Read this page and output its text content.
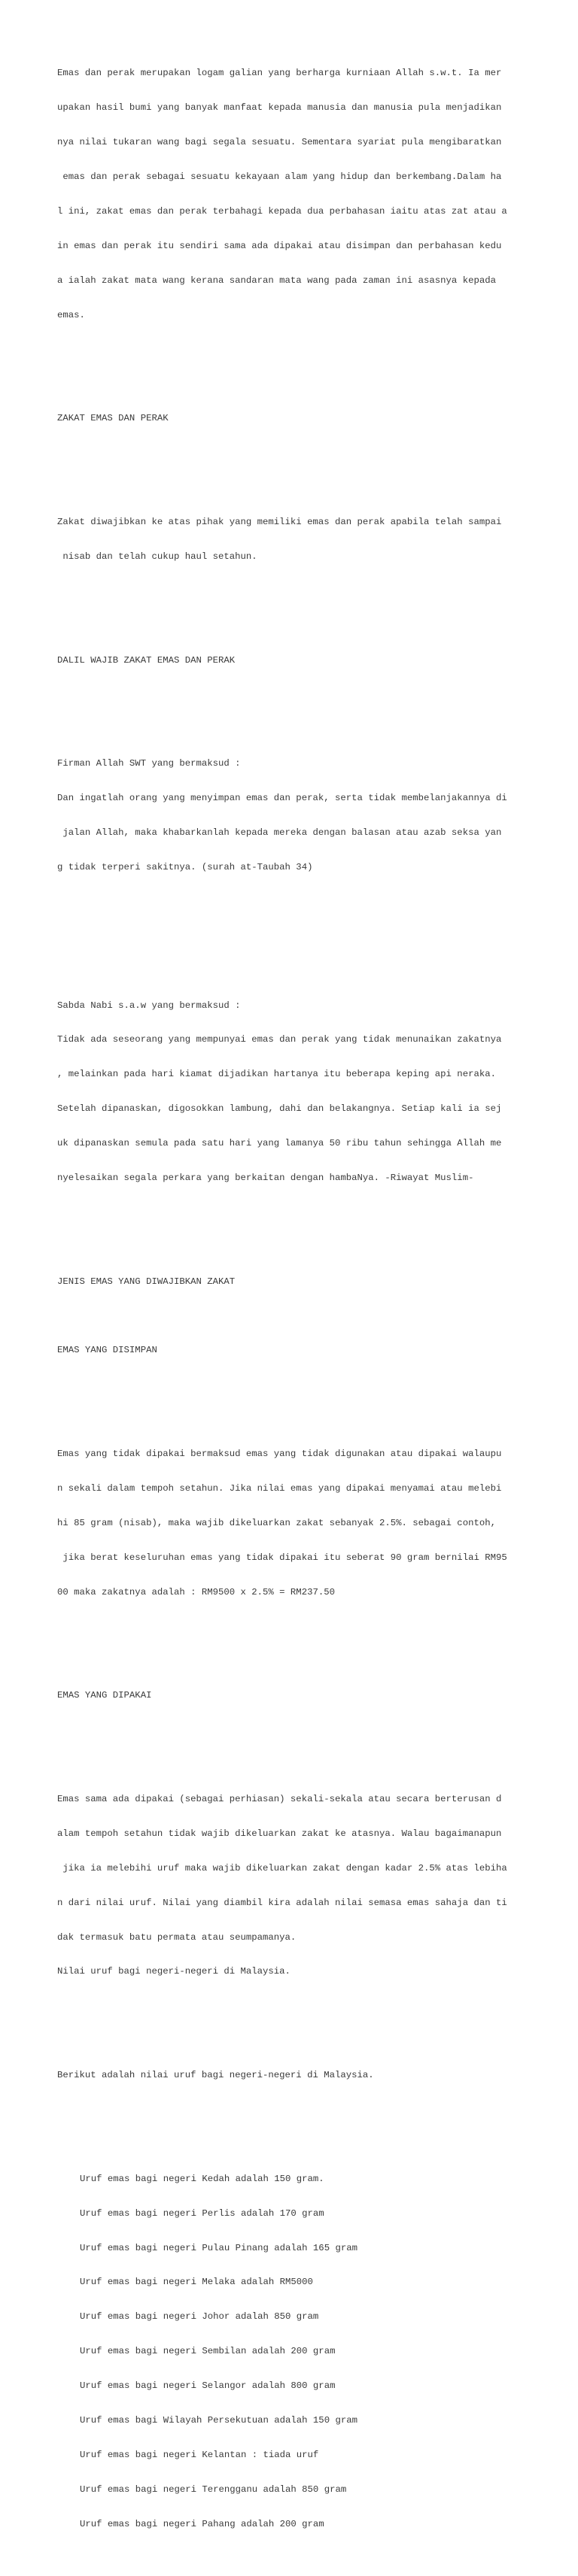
Emas dan perak merupakan logam galian yang berharga kurniaan Allah s.w.t. Ia mer

upakan hasil bumi yang banyak manfaat kepada manusia dan manusia pula menjadikan

nya nilai tukaran wang bagi segala sesuatu. Sementara syariat pula mengibaratkan

emas dan perak sebagai sesuatu kekayaan alam yang hidup dan berkembang.Dalam ha

l ini, zakat emas dan perak terbahagi kepada dua perbahasan iaitu atas zat atau a

in emas dan perak itu sendiri sama ada dipakai atau disimpan dan perbahasan kedu

a ialah zakat mata wang kerana sandaran mata wang pada zaman ini asasnya kepada

emas.

ZAKAT EMAS DAN PERAK

Zakat diwajibkan ke atas pihak yang memiliki emas dan perak apabila telah sampai

nisab dan telah cukup haul setahun.

DALIL WAJIB ZAKAT EMAS DAN PERAK

Firman Allah SWT yang bermaksud :

Dan ingatlah orang yang menyimpan emas dan perak, serta tidak membelanjakannya di

jalan Allah, maka khabarkanlah kepada mereka dengan balasan atau azab seksa yan

g tidak terperi sakitnya. (surah at-Taubah 34)

Sabda Nabi s.a.w yang bermaksud :

Tidak ada seseorang yang mempunyai emas dan perak yang tidak menunaikan zakatnya

, melainkan pada hari kiamat dijadikan hartanya itu beberapa keping api neraka.

Setelah dipanaskan, digosokkan lambung, dahi dan belakangnya. Setiap kali ia sej

uk dipanaskan semula pada satu hari yang lamanya 50 ribu tahun sehingga Allah me

nyelesaikan segala perkara yang berkaitan dengan hambaNya. -Riwayat Muslim-

JENIS EMAS YANG DIWAJIBKAN ZAKAT

EMAS YANG DISIMPAN

Emas yang tidak dipakai bermaksud emas yang tidak digunakan atau dipakai walaupu

n sekali dalam tempoh setahun. Jika nilai emas yang dipakai menyamai atau melebi

hi 85 gram (nisab), maka wajib dikeluarkan zakat sebanyak 2.5%. sebagai contoh,

jika berat keseluruhan emas yang tidak dipakai itu seberat 90 gram bernilai RM95

00 maka zakatnya adalah : RM9500 x 2.5% = RM237.50

EMAS YANG DIPAKAI

Emas sama ada dipakai (sebagai perhiasan) sekali-sekala atau secara berterusan d

alam tempoh setahun tidak wajib dikeluarkan zakat ke atasnya. Walau bagaimanapun

jika ia melebihi uruf maka wajib dikeluarkan zakat dengan kadar 2.5% atas lebiha

n dari nilai uruf. Nilai yang diambil kira adalah nilai semasa emas sahaja dan ti

dak termasuk batu permata atau seumpamanya.

Nilai uruf bagi negeri-negeri di Malaysia.

Berikut adalah nilai uruf bagi negeri-negeri di Malaysia.

Uruf emas bagi negeri Kedah adalah 150 gram.

Uruf emas bagi negeri Perlis adalah 170 gram

Uruf emas bagi negeri Pulau Pinang adalah 165 gram

Uruf emas bagi negeri Melaka adalah RM5000

Uruf emas bagi negeri Johor adalah 850 gram

Uruf emas bagi negeri Sembilan adalah 200 gram

Uruf emas bagi negeri Selangor adalah 800 gram

Uruf emas bagi Wilayah Persekutuan adalah 150 gram

Uruf emas bagi negeri Kelantan : tiada uruf

Uruf emas bagi negeri Terengganu adalah 850 gram

Uruf emas bagi negeri Pahang adalah 200 gram
